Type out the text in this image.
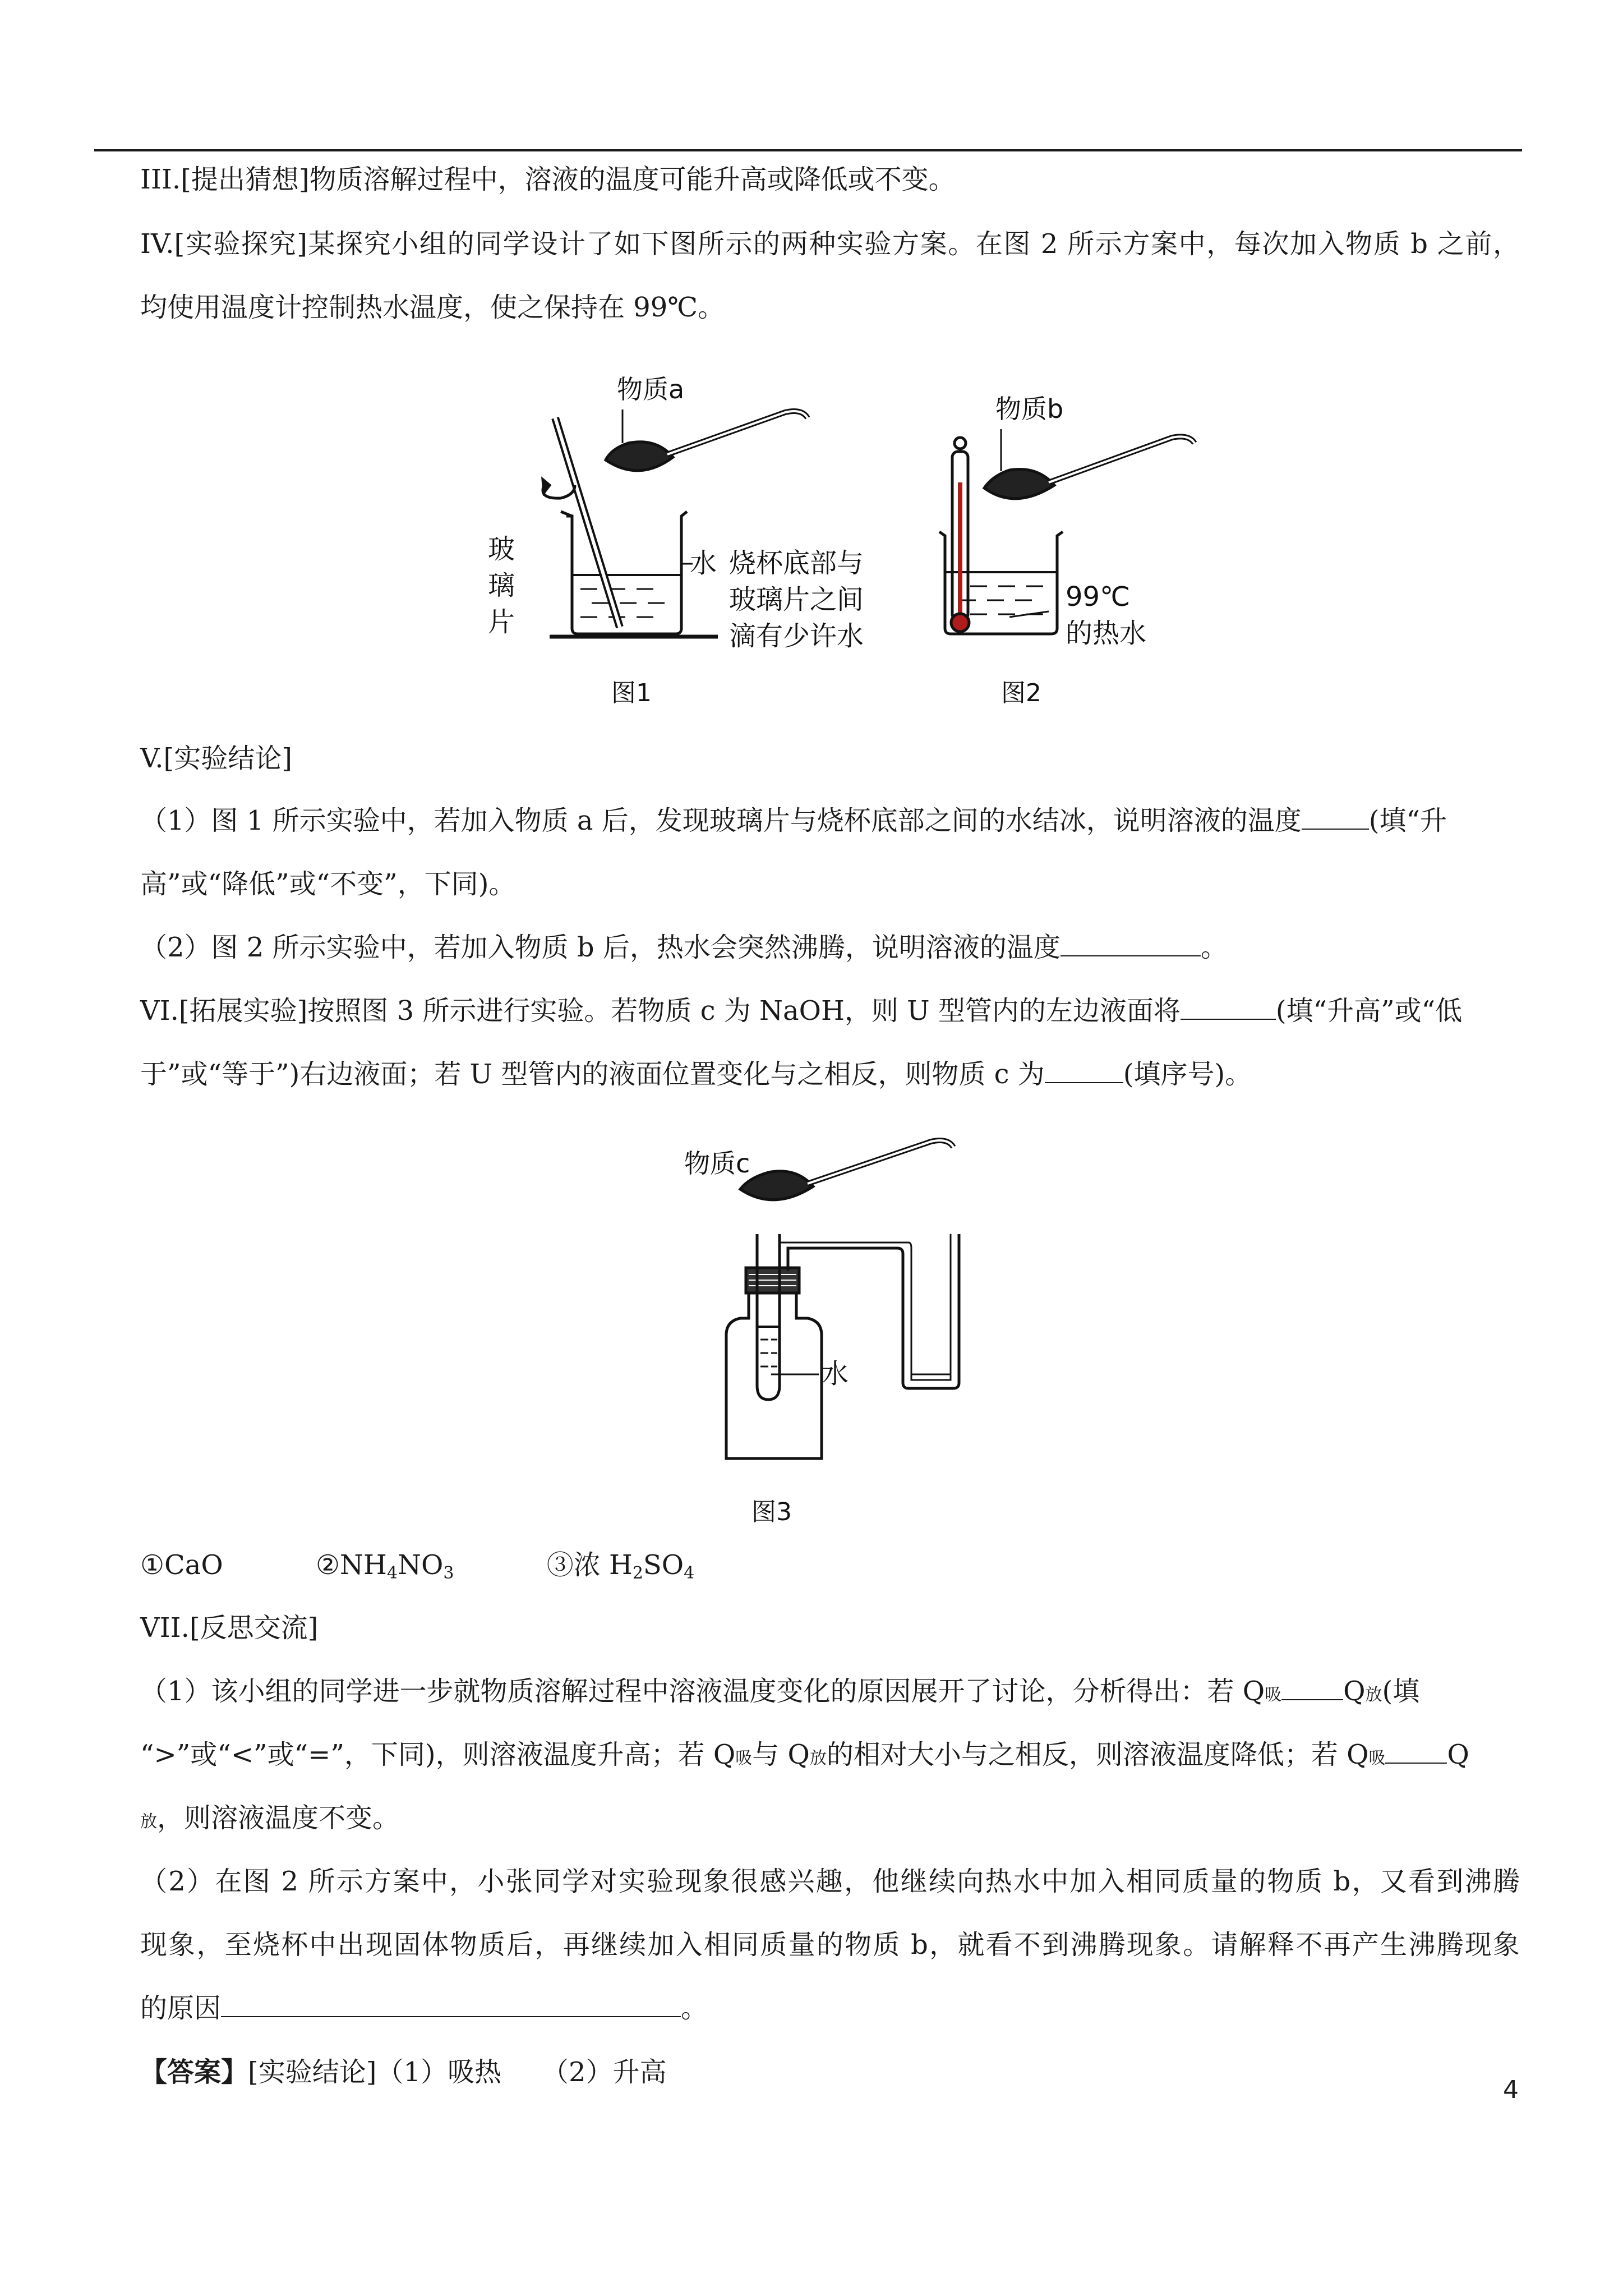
III.[提出猜想]物质溶解过程中，溶液的温度可能升高或降低或不变。
IV.[实验探究]某探究小组的同学设计了如下图所示的两种实验方案。在图 2 所示方案中，每次加入物质 b 之前，
均使用温度计控制热水温度，使之保持在 99℃。
物质a
玻
璃
片
水 烧杯底部与
玻璃片之间
滴有少许水
图1
物质b
99℃
的热水
图2
V.[实验结论]
（1）图 1 所示实验中，若加入物质 a 后，发现玻璃片与烧杯底部之间的水结冰，说明溶液的温度	(填“升
高”或“降低”或“不变”，下同)。
（2）图 2 所示实验中，若加入物质 b 后，热水会突然沸腾，说明溶液的温度	。
VI.[拓展实验]按照图 3 所示进行实验。若物质 c 为 NaOH，则 U 型管内的左边液面将	(填“升高”或“低
于”或“等于”)右边液面；若 U 型管内的液面位置变化与之相反，则物质 c 为	(填序号)。
物质c
水
图3
①CaO	$②NH_4NO_3$	③浓 $H_2SO_4$
VII.[反思交流]
（1）该小组的同学进一步就物质溶解过程中溶液温度变化的原因展开了讨论，分析得出：若 Q吸 Q放(填
“>”或“<”或“=”，下同)，则溶液温度升高；若 Q吸与 Q放的相对大小与之相反，则溶液温度降低；若 Q吸 Q
放，则溶液温度不变。
（2）在图 2 所示方案中，小张同学对实验现象很感兴趣，他继续向热水中加入相同质量的物质 b，又看到沸腾
现象，至烧杯中出现固体物质后，再继续加入相同质量的物质 b，就看不到沸腾现象。请解释不再产生沸腾现象
的原因	。
【答案】[实验结论]（1）吸热　　（2）升高
4
